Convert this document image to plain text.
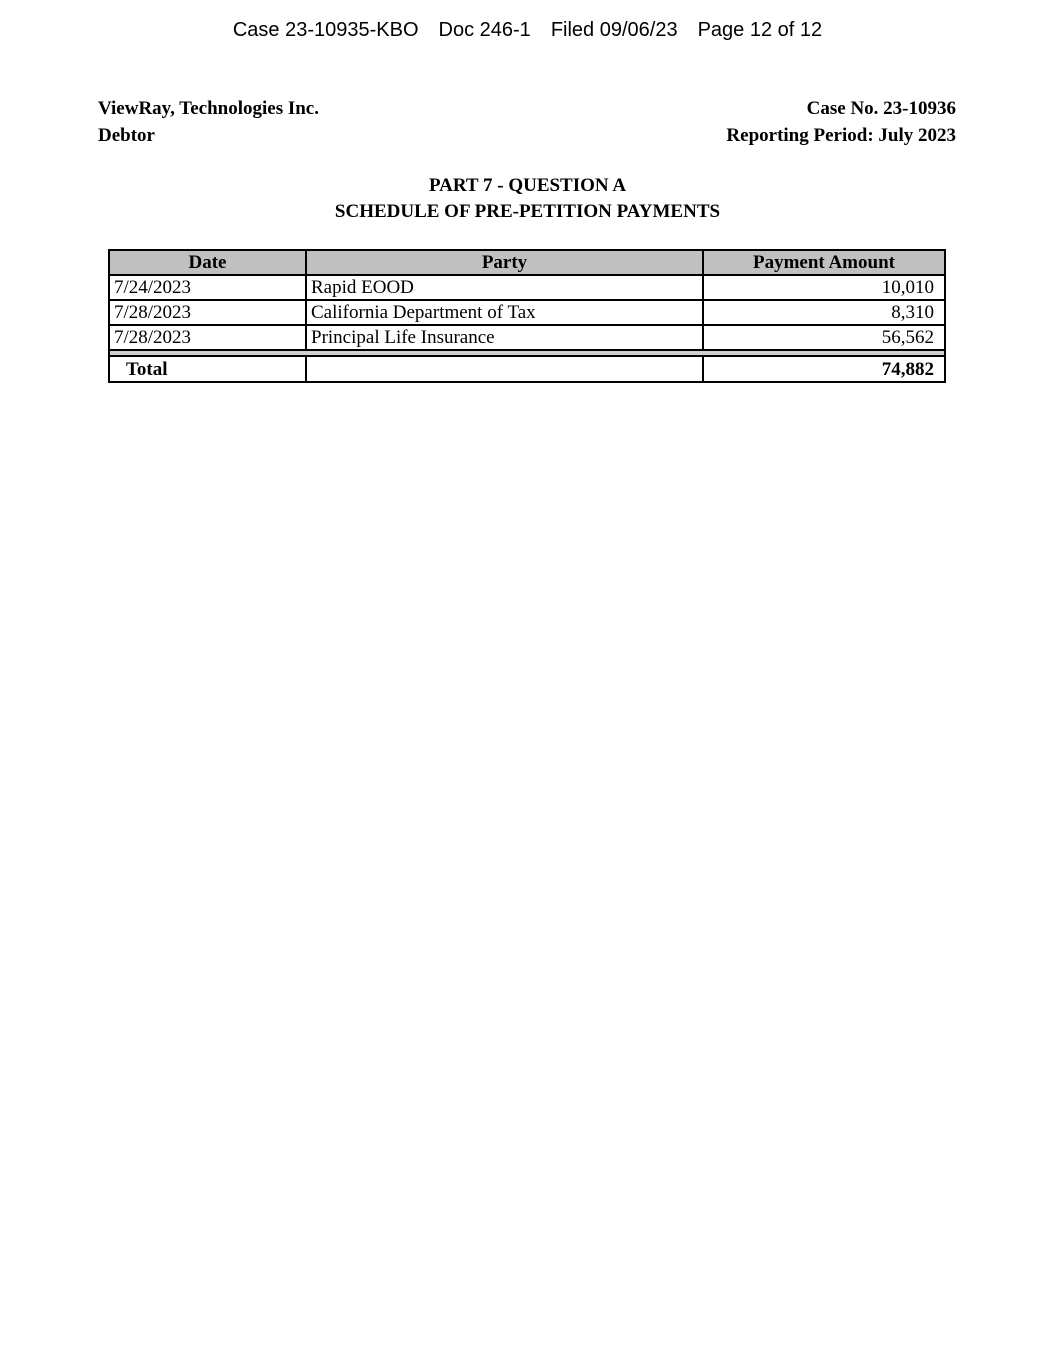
Case 23-10935-KBO Doc 246-1 Filed 09/06/23 Page 12 of 12
ViewRay, Technologies Inc.
Debtor
Case No. 23-10936
Reporting Period: July 2023
PART 7 - QUESTION A
SCHEDULE OF PRE-PETITION PAYMENTS
Date	Party	Payment Amount
7/24/2023	Rapid EOOD	10,010
7/28/2023	California Department of Tax	8,310
7/28/2023	Principal Life Insurance	56,562

Total		74,882
